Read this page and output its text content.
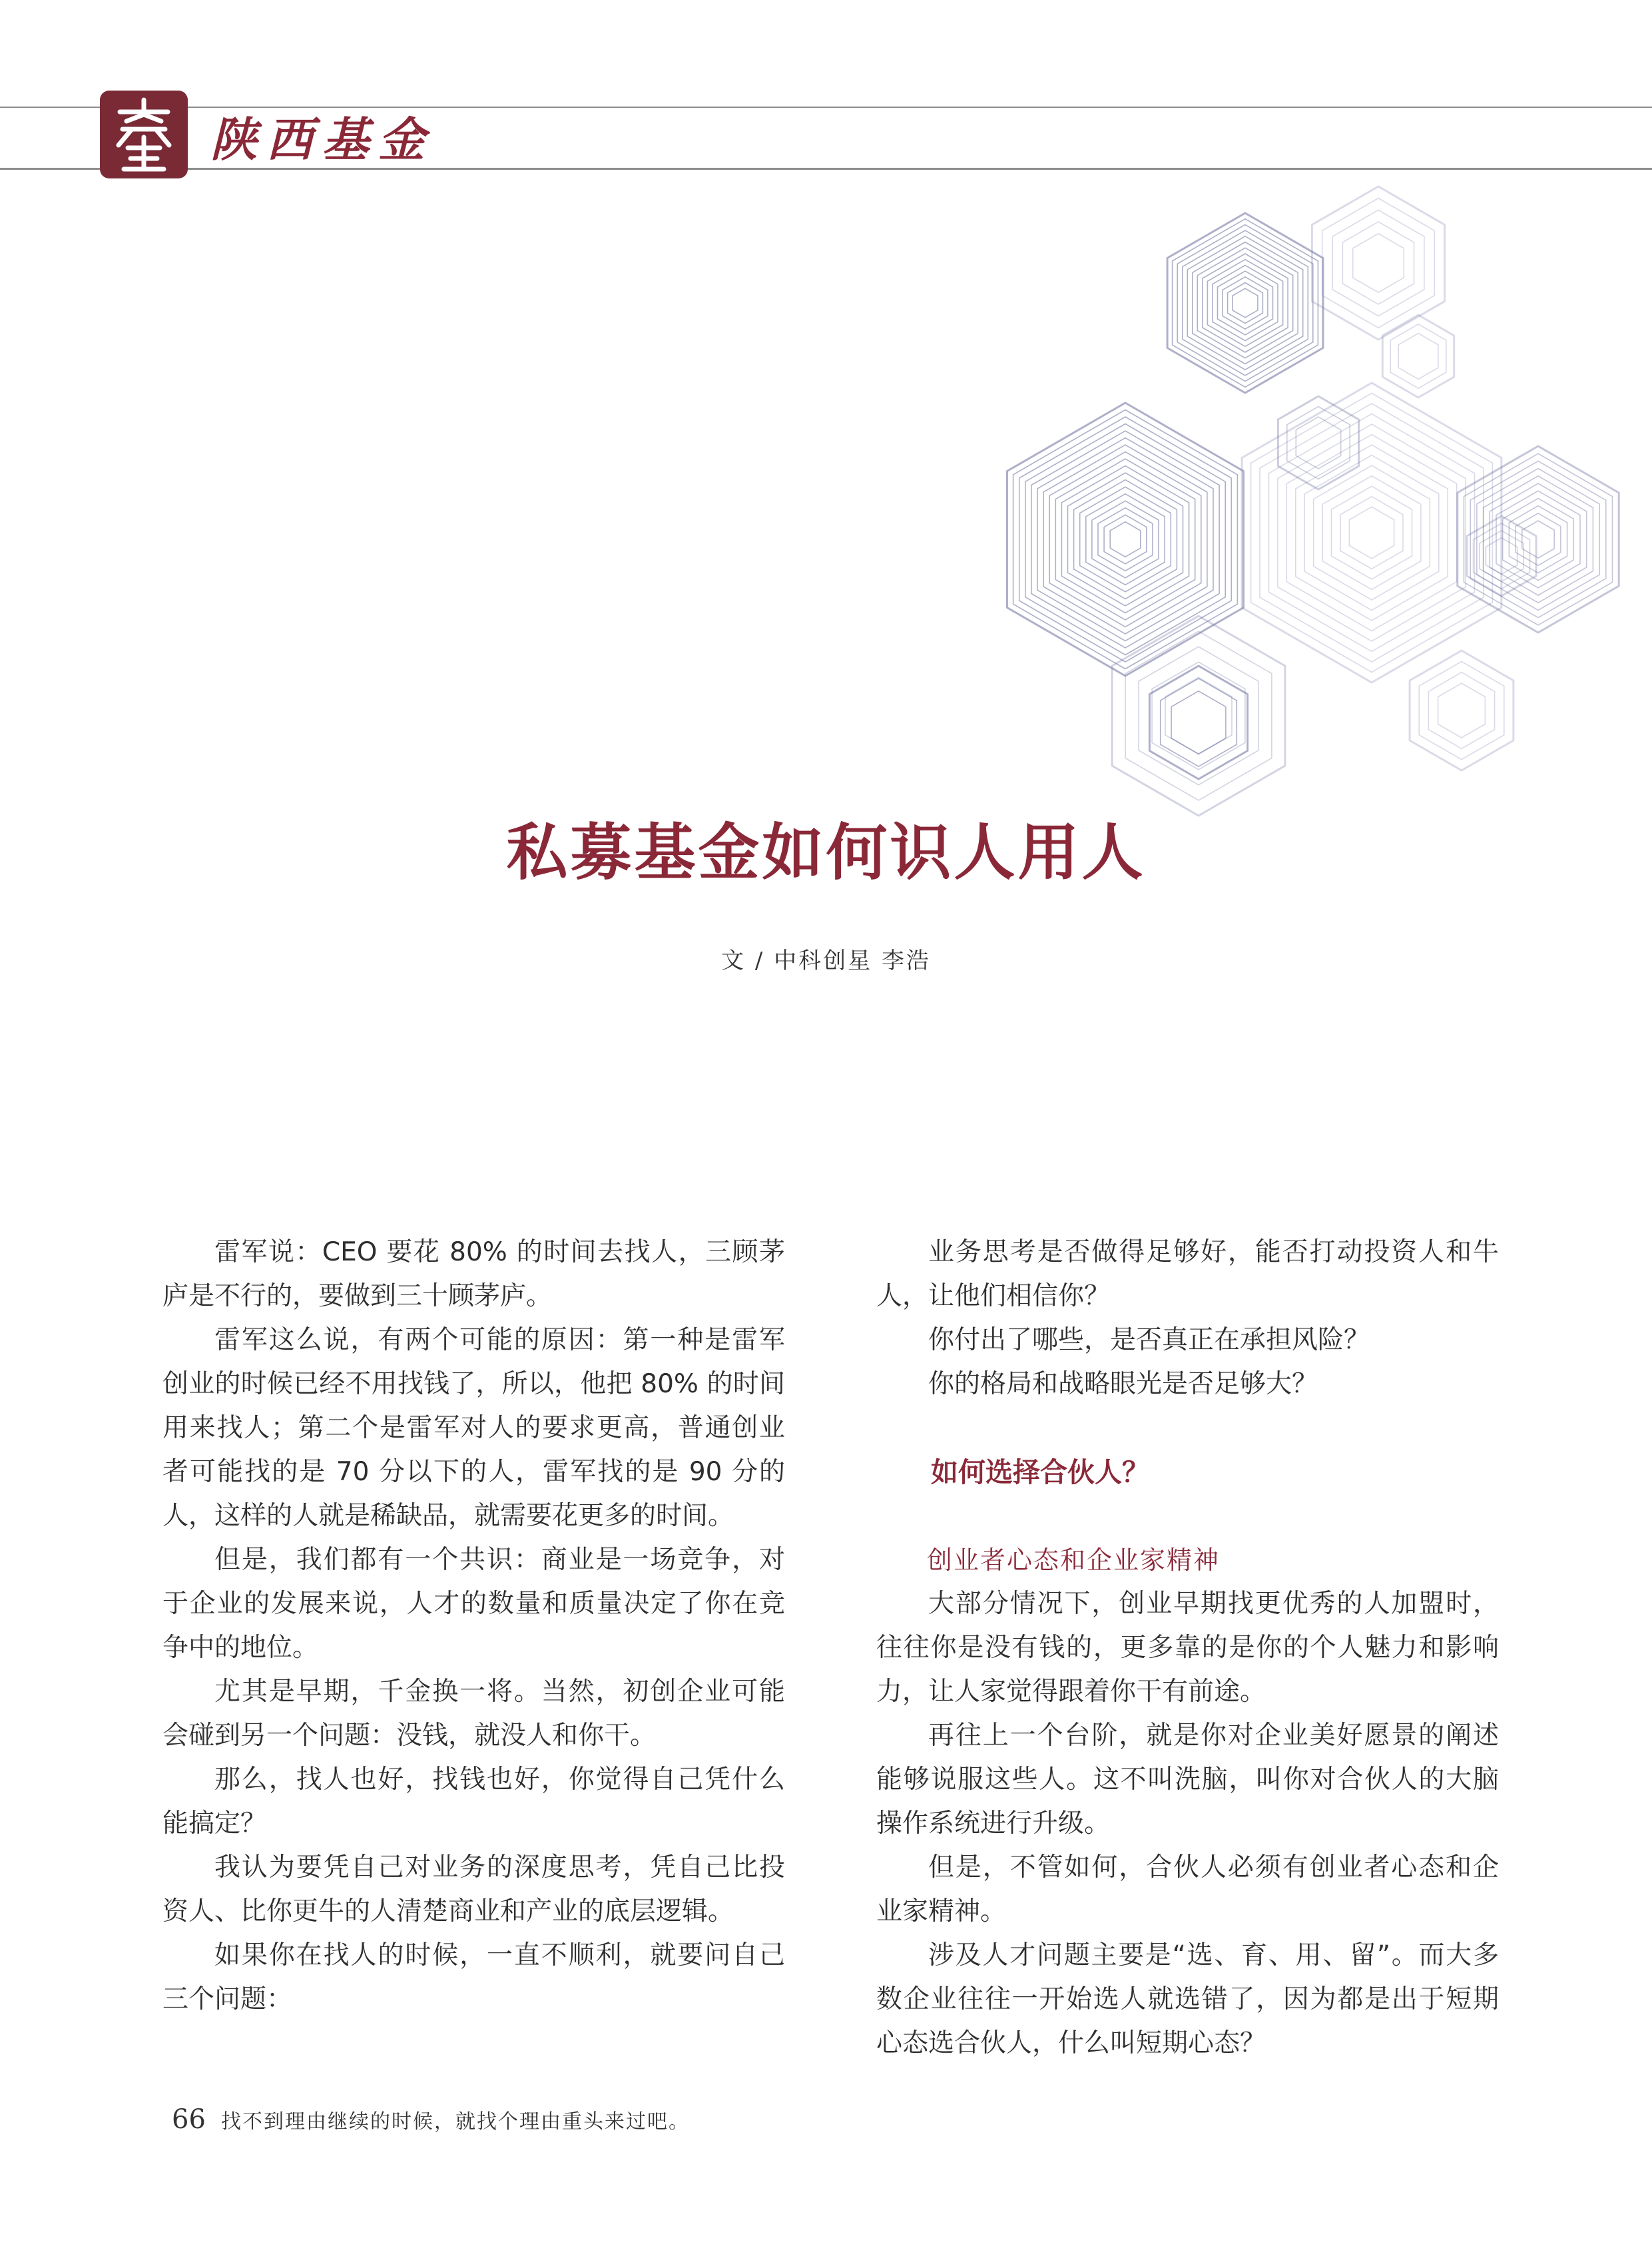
陕西基金
私募基金如何识人用人
文 / 中科创星 李浩

雷军说：CEO 要花 80% 的时间去找人，三顾茅庐是不行的，要做到三十顾茅庐。

雷军这么说，有两个可能的原因：第一种是雷军创业的时候已经不用找钱了，所以，他把 80% 的时间用来找人；第二个是雷军对人的要求更高，普通创业者可能找的是 70 分以下的人，雷军找的是 90 分的人，这样的人就是稀缺品，就需要花更多的时间。

但是，我们都有一个共识：商业是一场竞争，对于企业的发展来说，人才的数量和质量决定了你在竞争中的地位。

尤其是早期，千金换一将。当然，初创企业可能会碰到另一个问题：没钱，就没人和你干。

那么，找人也好，找钱也好，你觉得自己凭什么能搞定？

我认为要凭自己对业务的深度思考，凭自己比投资人、比你更牛的人清楚商业和产业的底层逻辑。

如果你在找人的时候，一直不顺利，就要问自己三个问题：

业务思考是否做得足够好，能否打动投资人和牛人，让他们相信你？

你付出了哪些，是否真正在承担风险？

你的格局和战略眼光是否足够大？

如何选择合伙人？
创业者心态和企业家精神

大部分情况下，创业早期找更优秀的人加盟时，往往你是没有钱的，更多靠的是你的个人魅力和影响力，让人家觉得跟着你干有前途。

再往上一个台阶，就是你对企业美好愿景的阐述能够说服这些人。这不叫洗脑，叫你对合伙人的大脑操作系统进行升级。

但是，不管如何，合伙人必须有创业者心态和企业家精神。

涉及人才问题主要是“选、育、用、留”。而大多数企业往往一开始选人就选错了，因为都是出于短期心态选合伙人，什么叫短期心态？

66 找不到理由继续的时候，就找个理由重头来过吧。
